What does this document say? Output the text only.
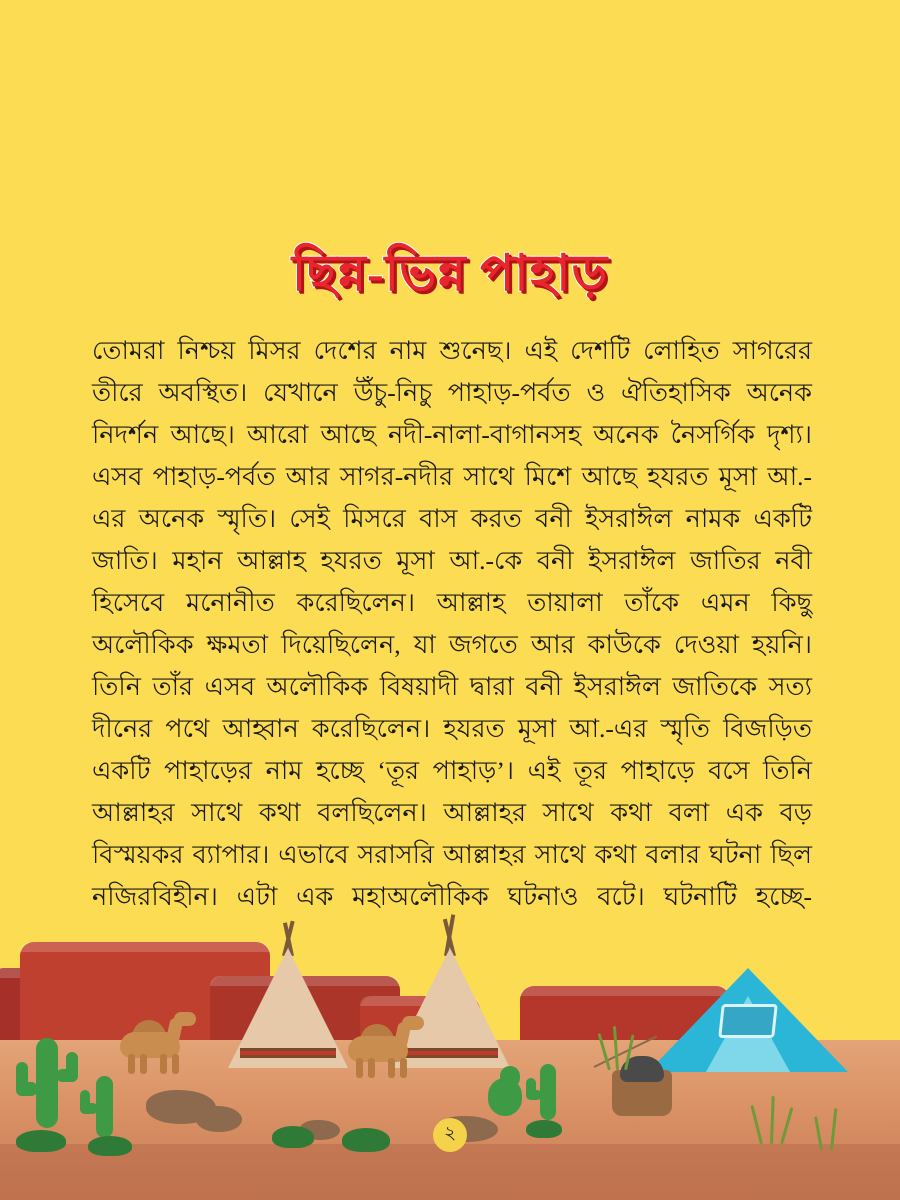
ছিন্ন-ভিন্ন পাহাড়
তোমরা নিশ্চয় মিসর দেশের নাম শুনেছ। এই দেশটি লোহিত সাগরের তীরে অবস্থিত। যেখানে উঁচু-নিচু পাহাড়-পর্বত ও ঐতিহাসিক অনেক নিদর্শন আছে। আরো আছে নদী-নালা-বাগানসহ অনেক নৈসর্গিক দৃশ্য। এসব পাহাড়-পর্বত আর সাগর-নদীর সাথে মিশে আছে হযরত মূসা আ.-এর অনেক স্মৃতি। সেই মিসরে বাস করত বনী ইসরাঈল নামক একটি জাতি। মহান আল্লাহ হযরত মূসা আ.-কে বনী ইসরাঈল জাতির নবী হিসেবে মনোনীত করেছিলেন। আল্লাহ তায়ালা তাঁকে এমন কিছু অলৌকিক ক্ষমতা দিয়েছিলেন, যা জগতে আর কাউকে দেওয়া হয়নি। তিনি তাঁর এসব অলৌকিক বিষয়াদী দ্বারা বনী ইসরাঈল জাতিকে সত্য দীনের পথে আহ্বান করেছিলেন। হযরত মূসা আ.-এর স্মৃতি বিজড়িত একটি পাহাড়ের নাম হচ্ছে ‘তূর পাহাড়’। এই তূর পাহাড়ে বসে তিনি আল্লাহর সাথে কথা বলছিলেন। আল্লাহর সাথে কথা বলা এক বড় বিস্ময়কর ব্যাপার। এভাবে সরাসরি আল্লাহর সাথে কথা বলার ঘটনা ছিল নজিরবিহীন। এটা এক মহাঅলৌকিক ঘটনাও বটে। ঘটনাটি হচ্ছে-
২
